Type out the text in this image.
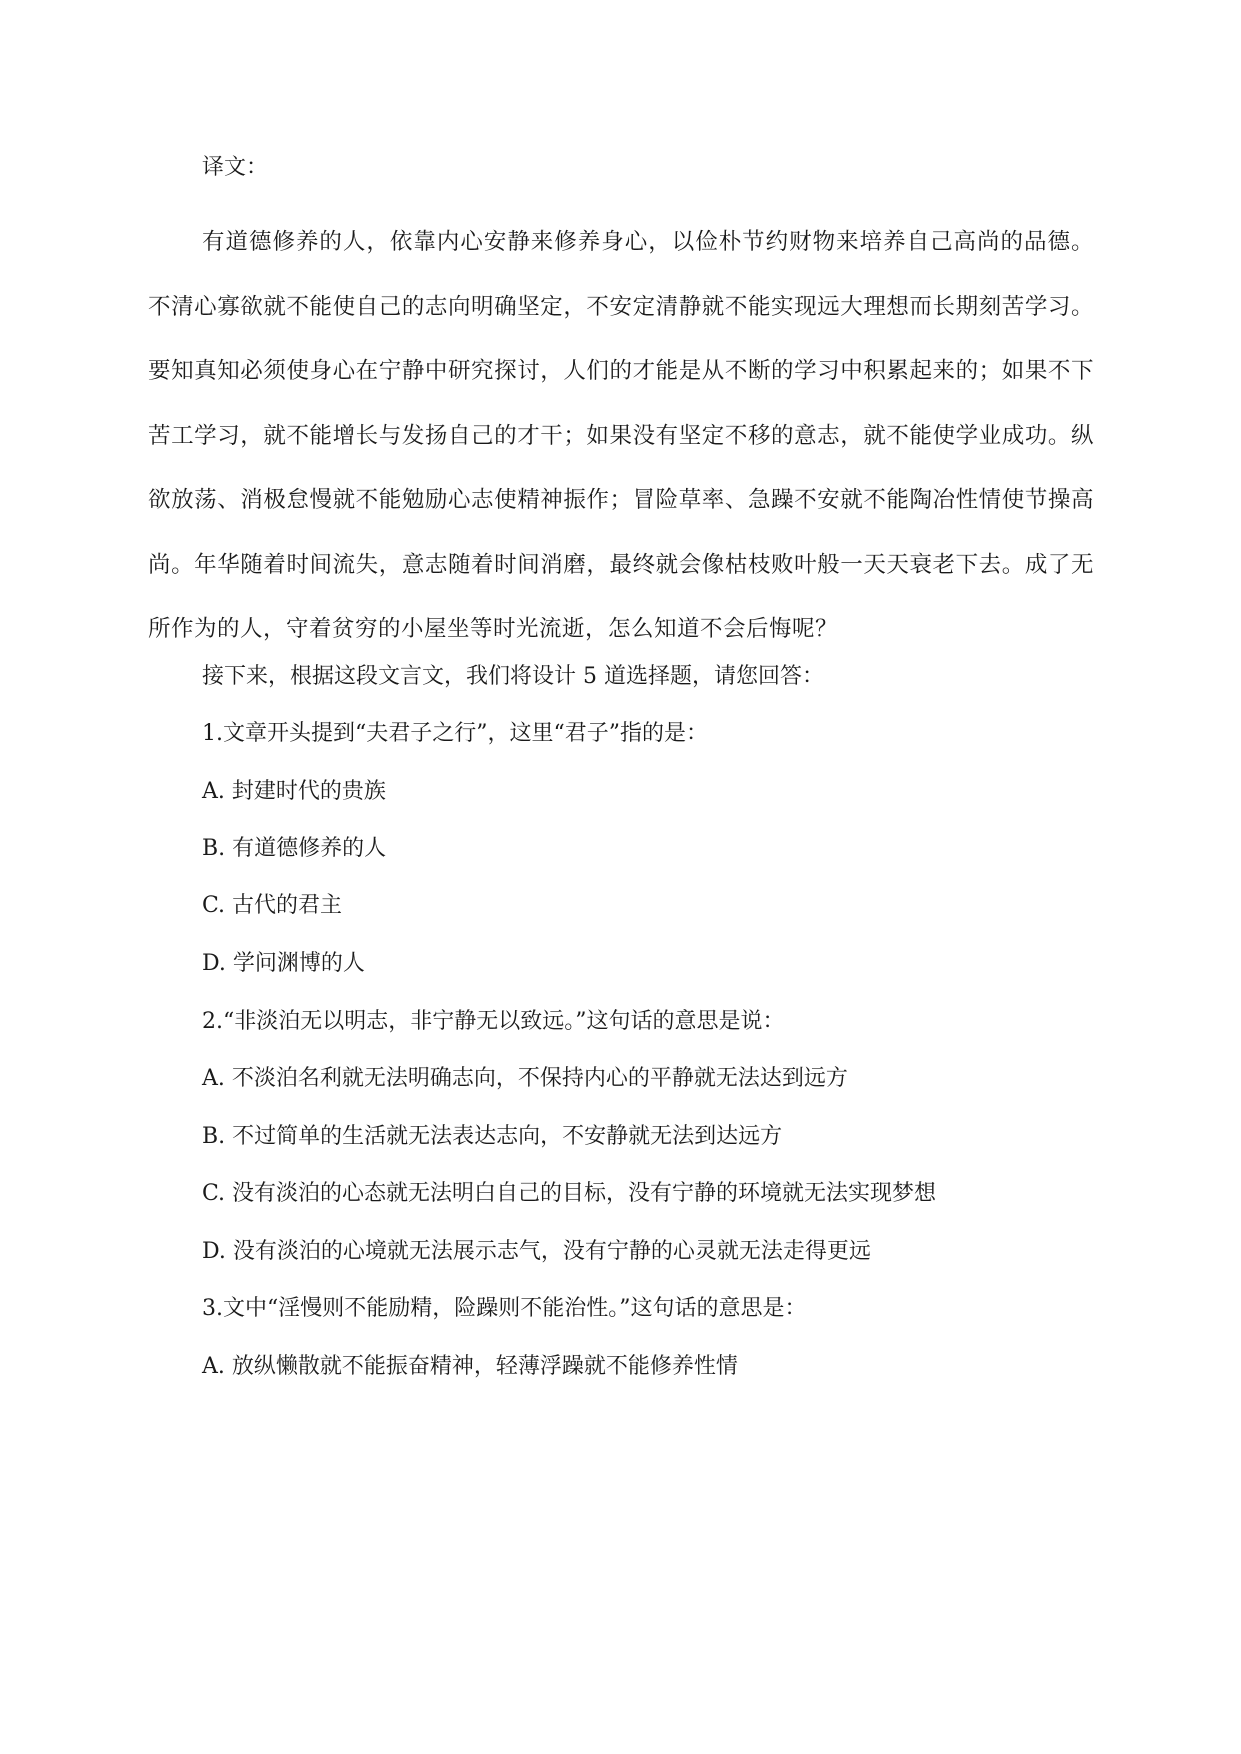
译文：

有道德修养的人，依靠内心安静来修养身心，以俭朴节约财物来培养自己高尚的品德。不清心寡欲就不能使自己的志向明确坚定，不安定清静就不能实现远大理想而长期刻苦学习。要知真知必须使身心在宁静中研究探讨，人们的才能是从不断的学习中积累起来的；如果不下苦工学习，就不能增长与发扬自己的才干；如果没有坚定不移的意志，就不能使学业成功。纵欲放荡、消极怠慢就不能勉励心志使精神振作；冒险草率、急躁不安就不能陶冶性情使节操高尚。年华随着时间流失，意志随着时间消磨，最终就会像枯枝败叶般一天天衰老下去。成了无所作为的人，守着贫穷的小屋坐等时光流逝，怎么知道不会后悔呢？

接下来，根据这段文言文，我们将设计 5 道选择题，请您回答：

1.文章开头提到“夫君子之行”，这里“君子”指的是：

A. 封建时代的贵族

B. 有道德修养的人

C. 古代的君主

D. 学问渊博的人

2.“非淡泊无以明志，非宁静无以致远。”这句话的意思是说：

A. 不淡泊名利就无法明确志向，不保持内心的平静就无法达到远方

B. 不过简单的生活就无法表达志向，不安静就无法到达远方

C. 没有淡泊的心态就无法明白自己的目标，没有宁静的环境就无法实现梦想

D. 没有淡泊的心境就无法展示志气，没有宁静的心灵就无法走得更远

3.文中“淫慢则不能励精，险躁则不能治性。”这句话的意思是：

A. 放纵懒散就不能振奋精神，轻薄浮躁就不能修养性情
